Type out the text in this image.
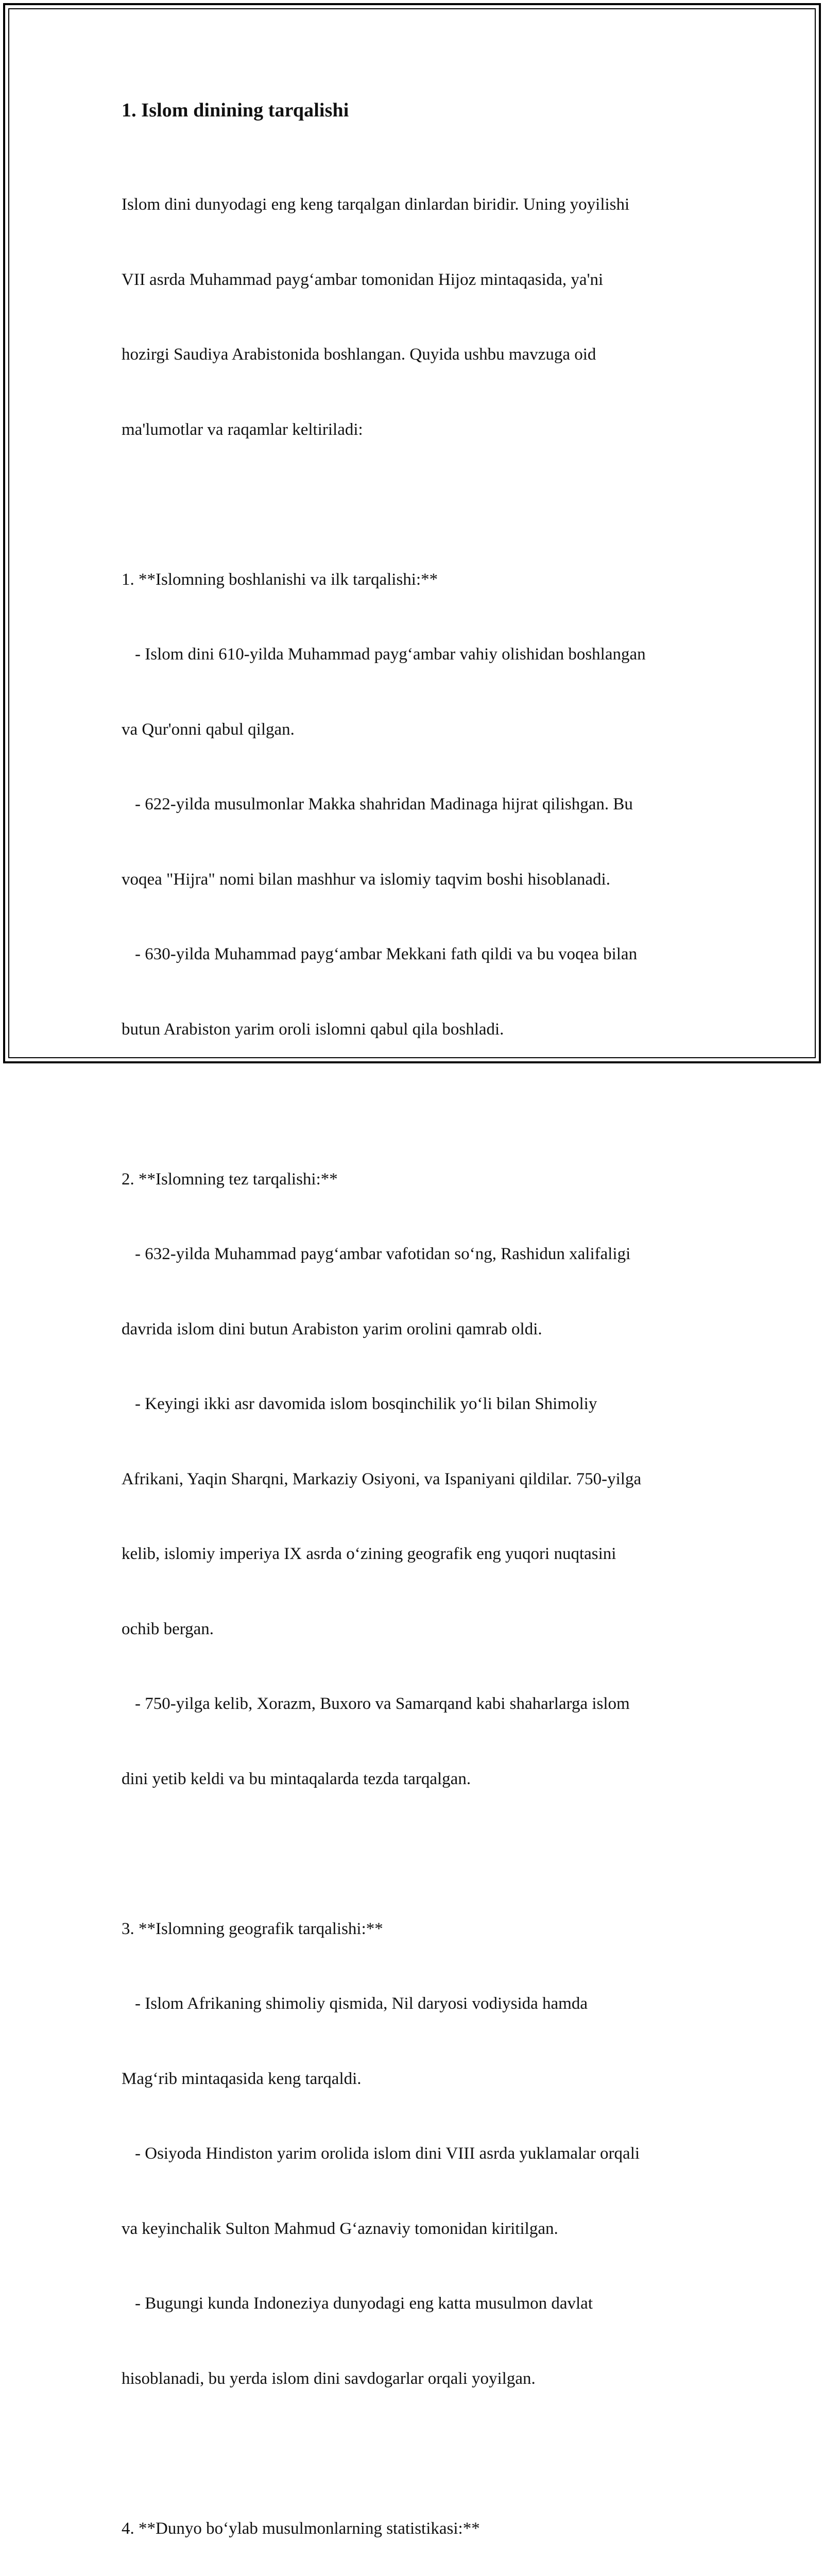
1. Islom dinining tarqalishi

Islom dini dunyodagi eng keng tarqalgan dinlardan biridir. Uning yoyilishi

VII asrda Muhammad payg‘ambar tomonidan Hijoz mintaqasida, ya'ni

hozirgi Saudiya Arabistonida boshlangan. Quyida ushbu mavzuga oid

ma'lumotlar va raqamlar keltiriladi:

1. **Islomning boshlanishi va ilk tarqalishi:**

- Islom dini 610-yilda Muhammad payg‘ambar vahiy olishidan boshlangan

va Qur'onni qabul qilgan.

- 622-yilda musulmonlar Makka shahridan Madinaga hijrat qilishgan. Bu

voqea "Hijra" nomi bilan mashhur va islomiy taqvim boshi hisoblanadi.

- 630-yilda Muhammad payg‘ambar Mekkani fath qildi va bu voqea bilan

butun Arabiston yarim oroli islomni qabul qila boshladi.

2. **Islomning tez tarqalishi:**

- 632-yilda Muhammad payg‘ambar vafotidan so‘ng, Rashidun xalifaligi

davrida islom dini butun Arabiston yarim orolini qamrab oldi.

- Keyingi ikki asr davomida islom bosqinchilik yo‘li bilan Shimoliy

Afrikani, Yaqin Sharqni, Markaziy Osiyoni, va Ispaniyani qildilar. 750-yilga

kelib, islomiy imperiya IX asrda o‘zining geografik eng yuqori nuqtasini

ochib bergan.

- 750-yilga kelib, Xorazm, Buxoro va Samarqand kabi shaharlarga islom

dini yetib keldi va bu mintaqalarda tezda tarqalgan.

3. **Islomning geografik tarqalishi:**

- Islom Afrikaning shimoliy qismida, Nil daryosi vodiysida hamda

Mag‘rib mintaqasida keng tarqaldi.

- Osiyoda Hindiston yarim orolida islom dini VIII asrda yuklamalar orqali

va keyinchalik Sulton Mahmud G‘aznaviy tomonidan kiritilgan.

- Bugungi kunda Indoneziya dunyodagi eng katta musulmon davlat

hisoblanadi, bu yerda islom dini savdogarlar orqali yoyilgan.

4. **Dunyo bo‘ylab musulmonlarning statistikasi:**
